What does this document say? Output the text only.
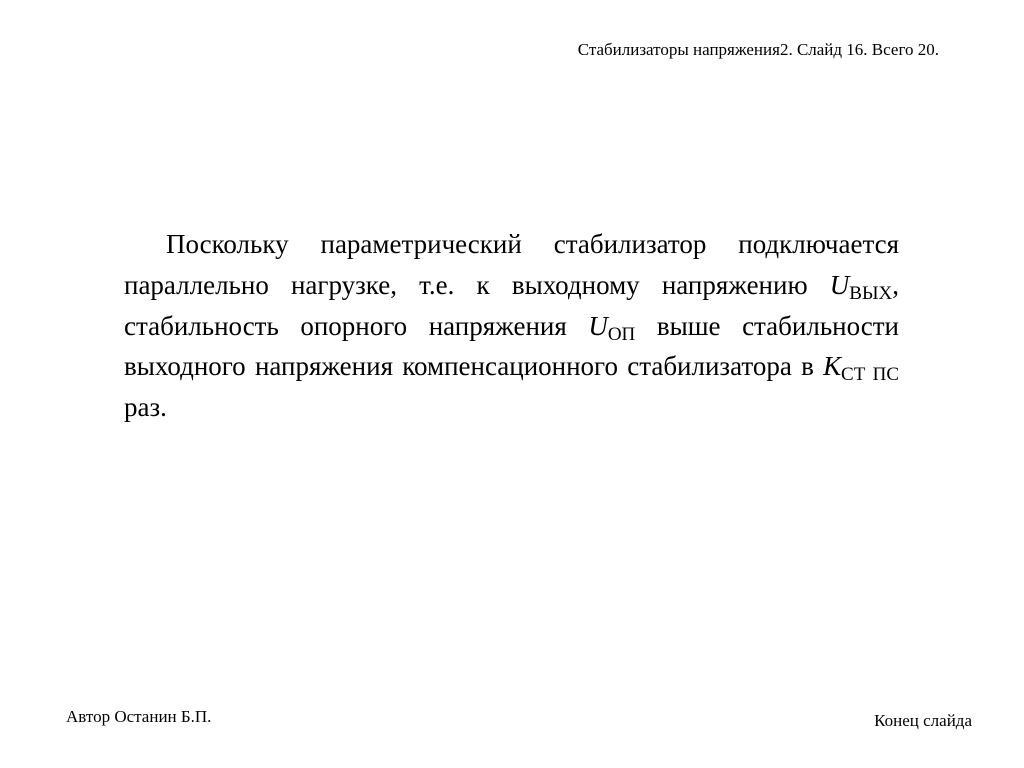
Стабилизаторы напряжения2. Слайд 16. Всего 20.
Поскольку параметрический стабилизатор подключается параллельно нагрузке, т.е. к выходному напряжению $U_{ВЫХ}$, стабильность опорного напряжения $U_{ОП}$ выше стабильности выходного напряжения компенсационного стабилизатора в $К_{СТ ПС}$ раз.
Автор Останин Б.П.	Конец слайда
